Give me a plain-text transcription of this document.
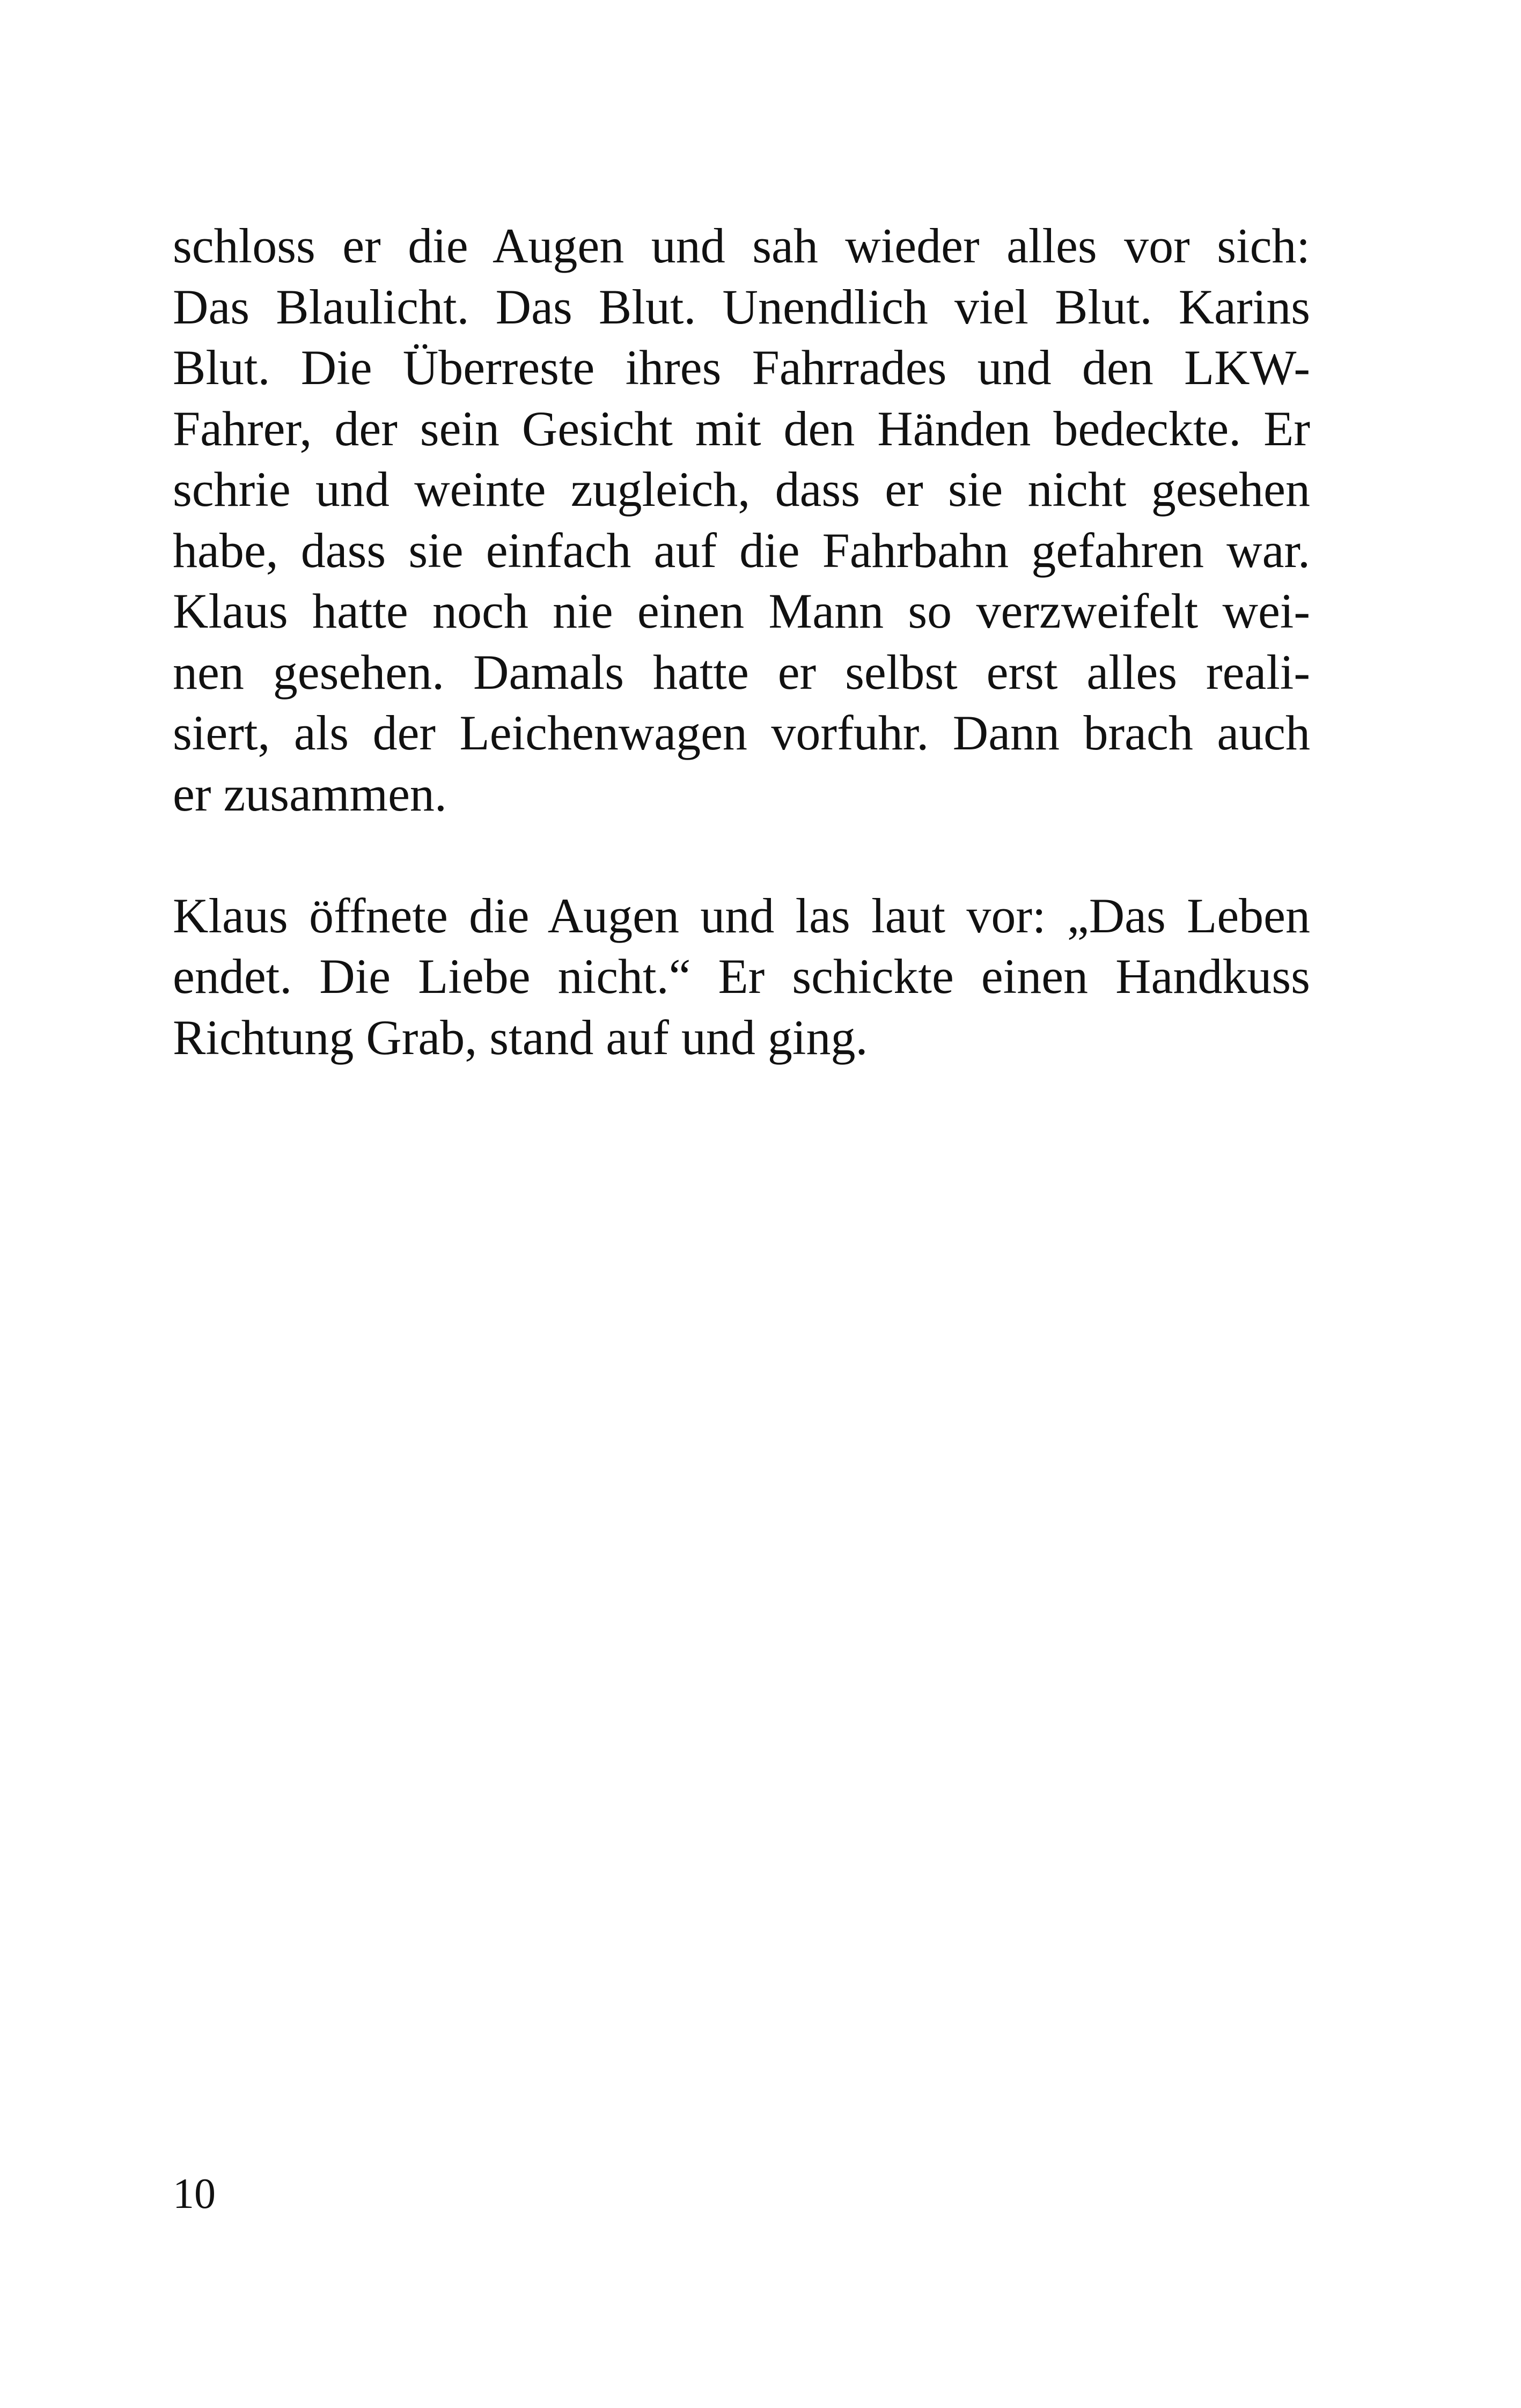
schloss er die Augen und sah wieder alles vor sich:
Das Blaulicht. Das Blut. Unendlich viel Blut. Karins
Blut. Die Überreste ihres Fahrrades und den LKW-
Fahrer, der sein Gesicht mit den Händen bedeckte. Er
schrie und weinte zugleich, dass er sie nicht gesehen
habe, dass sie einfach auf die Fahrbahn gefahren war.
Klaus hatte noch nie einen Mann so verzweifelt wei-
nen gesehen. Damals hatte er selbst erst alles reali-
siert, als der Leichenwagen vorfuhr. Dann brach auch
er zusammen.
Klaus öffnete die Augen und las laut vor: „Das Leben
endet. Die Liebe nicht.“ Er schickte einen Handkuss
Richtung Grab, stand auf und ging.
10
